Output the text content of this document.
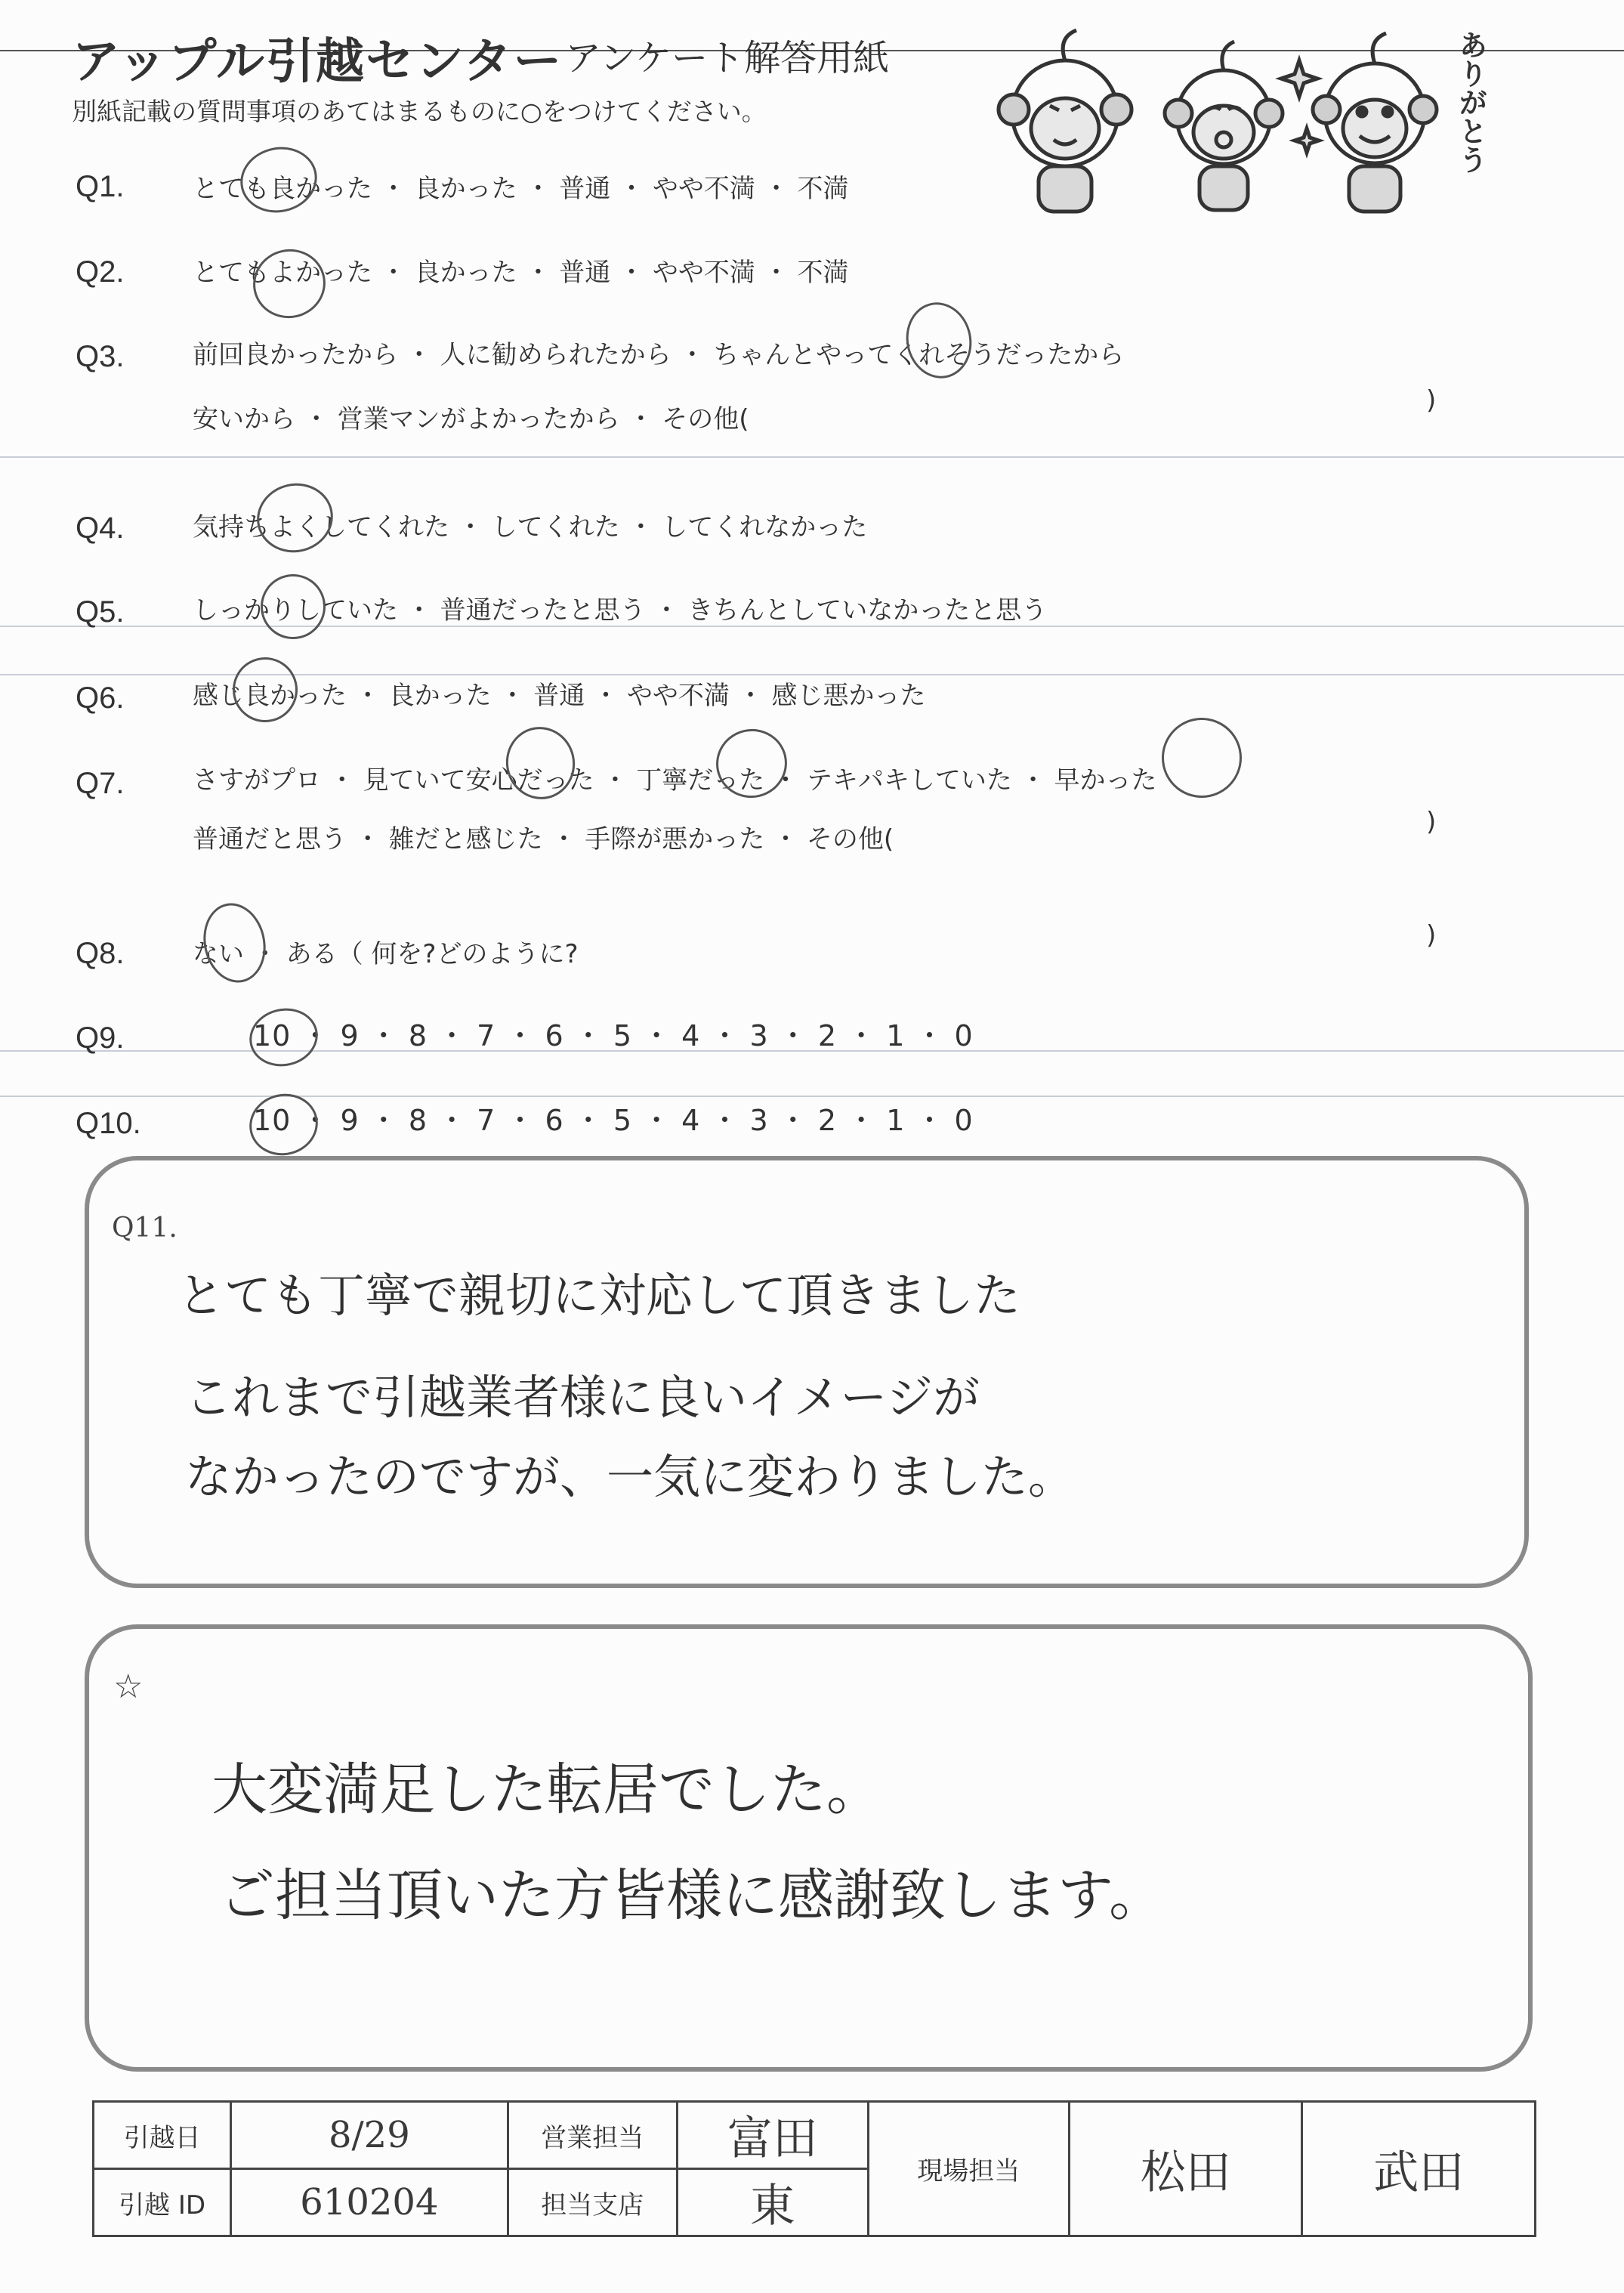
アップル引越センター アンケート解答用紙
別紙記載の質問事項のあてはまるものに○をつけてください。	ありがとう
Q1.	とても良かった ・ 良かった ・ 普通 ・ やや不満 ・ 不満
Q2.	とてもよかった ・ 良かった ・ 普通 ・ やや不満 ・ 不満
Q3.	前回良かったから ・ 人に勧められたから ・ ちゃんとやってくれそうだったから
安いから ・ 営業マンがよかったから ・ その他(
)
Q4.	気持ちよくしてくれた ・ してくれた ・ してくれなかった
Q5.	しっかりしていた ・ 普通だったと思う ・ きちんとしていなかったと思う
Q6.	感じ良かった ・ 良かった ・ 普通 ・ やや不満 ・ 感じ悪かった
Q7.	さすがプロ ・ 見ていて安心だった ・ 丁寧だった ・ テキパキしていた ・ 早かった
普通だと思う ・ 雑だと感じた ・ 手際が悪かった ・ その他(
)
Q8.	ない ・ ある（ 何を?どのように?
)
Q9.	10 ・ 9 ・ 8 ・ 7 ・ 6 ・ 5 ・ 4 ・ 3 ・ 2 ・ 1 ・ 0
Q10.	10 ・ 9 ・ 8 ・ 7 ・ 6 ・ 5 ・ 4 ・ 3 ・ 2 ・ 1 ・ 0
Q11.
とても丁寧で親切に対応して頂きました
これまで引越業者様に良いイメージが
なかったのですが、一気に変わりました。
☆
大変満足した転居でした。
ご担当頂いた方皆様に感謝致します。
引越日	8/29	営業担当	富田	現場担当	松田	武田
引越 ID	610204	担当支店	東			
